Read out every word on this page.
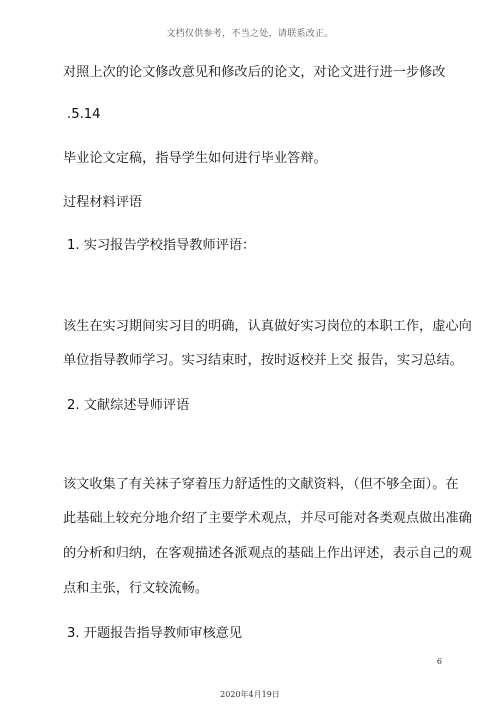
文档仅供参考，不当之处，请联系改正。
对照上次的论文修改意见和修改后的论文，对论文进行进一步修改
.5.14
毕业论文定稿，指导学生如何进行毕业答辩。
过程材料评语
1. 实习报告学校指导教师评语：
该生在实习期间实习目的明确，认真做好实习岗位的本职工作，虚心向
单位指导教师学习。实习结束时，按时返校并上交 报告，实习总结。
2. 文献综述导师评语
该文收集了有关袜子穿着压力舒适性的文献资料，（但不够全面）。在
此基础上较充分地介绍了主要学术观点，并尽可能对各类观点做出准确
的分析和归纳，在客观描述各派观点的基础上作出评述，表示自己的观
点和主张，行文较流畅。
3. 开题报告指导教师审核意见
6
2020年4月19日
